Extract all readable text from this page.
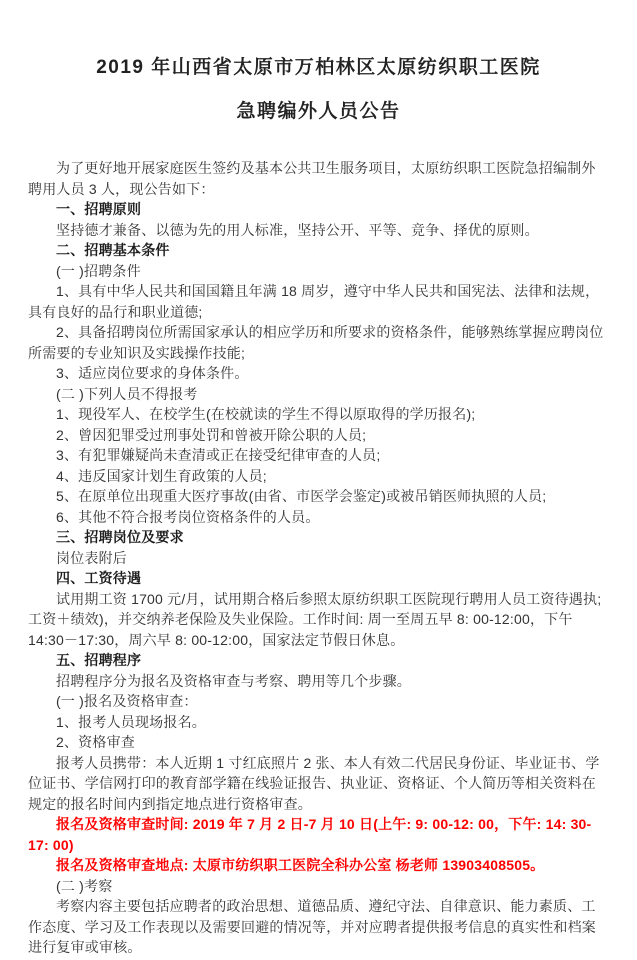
2019 年山西省太原市万柏林区太原纺织职工医院
急聘编外人员公告

为了更好地开展家庭医生签约及基本公共卫生服务项目，太原纺织职工医院急招编制外聘用人员 3 人，现公告如下：

一、招聘原则

坚持德才兼备、以德为先的用人标准，坚持公开、平等、竞争、择优的原则。

二、招聘基本条件

(一 )招聘条件

1、具有中华人民共和国国籍且年满 18 周岁，遵守中华人民共和国宪法、法律和法规，具有良好的品行和职业道德;

2、具备招聘岗位所需国家承认的相应学历和所要求的资格条件，能够熟练掌握应聘岗位所需要的专业知识及实践操作技能;

3、适应岗位要求的身体条件。

(二 )下列人员不得报考

1、现役军人、在校学生(在校就读的学生不得以原取得的学历报名);

2、曾因犯罪受过刑事处罚和曾被开除公职的人员;

3、有犯罪嫌疑尚未查清或正在接受纪律审查的人员;

4、违反国家计划生育政策的人员;

5、在原单位出现重大医疗事故(由省、市医学会鉴定)或被吊销医师执照的人员;

6、其他不符合报考岗位资格条件的人员。

三、招聘岗位及要求

岗位表附后

四、工资待遇

试用期工资 1700 元/月，试用期合格后参照太原纺织职工医院现行聘用人员工资待遇执;工资＋绩效)，并交纳养老保险及失业保险。工作时间: 周一至周五早 8: 00-12:00，下午 14:30－17:30，周六早 8: 00-12:00，国家法定节假日休息。

五、招聘程序

招聘程序分为报名及资格审查与考察、聘用等几个步骤。

(一 )报名及资格审查：

1、报考人员现场报名。

2、资格审查

报考人员携带：本人近期 1 寸红底照片 2 张、本人有效二代居民身份证、毕业证书、学位证书、学信网打印的教育部学籍在线验证报告、执业证、资格证、个人简历等相关资料在规定的报名时间内到指定地点进行资格审查。

报名及资格审查时间: 2019 年 7 月 2 日-7 月 10 日(上午: 9: 00-12: 00，下午: 14: 30-17: 00)

报名及资格审查地点: 太原市纺织职工医院全科办公室 杨老师 13903408505。

(二 )考察

考察内容主要包括应聘者的政治思想、道德品质、遵纪守法、自律意识、能力素质、工作态度、学习及工作表现以及需要回避的情况等，并对应聘者提供报考信息的真实性和档案进行复审或审核。
